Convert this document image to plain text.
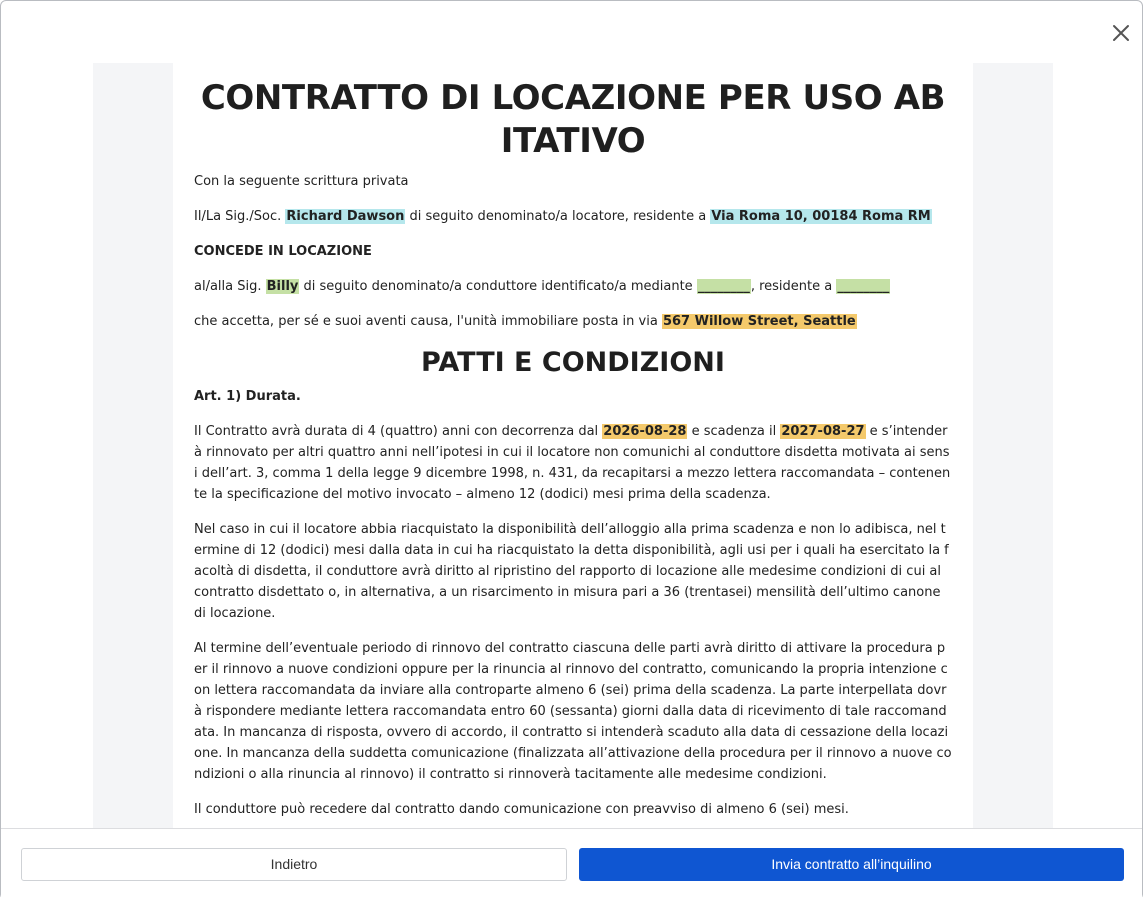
CONTRATTO DI LOCAZIONE PER USO ABITATIVO

Con la seguente scrittura privata

Il/La Sig./Soc. Richard Dawson di seguito denominato/a locatore, residente a Via Roma 10, 00184 Roma RM

CONCEDE IN LOCAZIONE

al/alla Sig. Billy di seguito denominato/a conduttore identificato/a mediante ________, residente a ________

che accetta, per sé e suoi aventi causa, l'unità immobiliare posta in via 567 Willow Street, Seattle

PATTI E CONDIZIONI

Art. 1) Durata.

Il Contratto avrà durata di 4 (quattro) anni con decorrenza dal 2026-08-28 e scadenza il 2027-08-27 e s’intenderà rinnovato per altri quattro anni nell’ipotesi in cui il locatore non comunichi al conduttore disdetta motivata ai sensi dell’art. 3, comma 1 della legge 9 dicembre 1998, n. 431, da recapitarsi a mezzo lettera raccomandata – contenente la specificazione del motivo invocato – almeno 12 (dodici) mesi prima della scadenza.

Nel caso in cui il locatore abbia riacquistato la disponibilità dell’alloggio alla prima scadenza e non lo adibisca, nel termine di 12 (dodici) mesi dalla data in cui ha riacquistato la detta disponibilità, agli usi per i quali ha esercitato la facoltà di disdetta, il conduttore avrà diritto al ripristino del rapporto di locazione alle medesime condizioni di cui al contratto disdettato o, in alternativa, a un risarcimento in misura pari a 36 (trentasei) mensilità dell’ultimo canone di locazione.

Al termine dell’eventuale periodo di rinnovo del contratto ciascuna delle parti avrà diritto di attivare la procedura per il rinnovo a nuove condizioni oppure per la rinuncia al rinnovo del contratto, comunicando la propria intenzione con lettera raccomandata da inviare alla controparte almeno 6 (sei) prima della scadenza. La parte interpellata dovrà rispondere mediante lettera raccomandata entro 60 (sessanta) giorni dalla data di ricevimento di tale raccomandata. In mancanza di risposta, ovvero di accordo, il contratto si intenderà scaduto alla data di cessazione della locazione. In mancanza della suddetta comunicazione (finalizzata all’attivazione della procedura per il rinnovo a nuove condizioni o alla rinuncia al rinnovo) il contratto si rinnoverà tacitamente alle medesime condizioni.

Il conduttore può recedere dal contratto dando comunicazione con preavviso di almeno 6 (sei) mesi.

Indietro	Invia contratto all’inquilino
